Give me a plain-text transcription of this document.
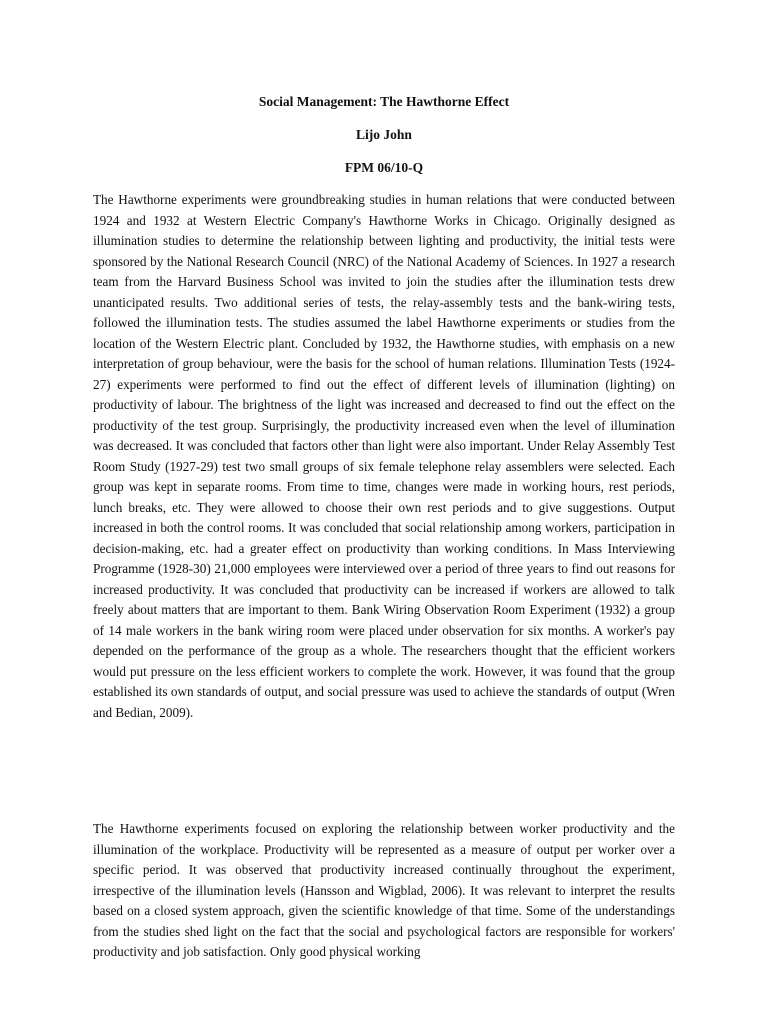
Social Management: The Hawthorne Effect
Lijo John
FPM 06/10-Q

The Hawthorne experiments were groundbreaking studies in human relations that were conducted between 1924 and 1932 at Western Electric Company's Hawthorne Works in Chicago. Originally designed as illumination studies to determine the relationship between lighting and productivity, the initial tests were sponsored by the National Research Council (NRC) of the National Academy of Sciences. In 1927 a research team from the Harvard Business School was invited to join the studies after the illumination tests drew unanticipated results. Two additional series of tests, the relay-assembly tests and the bank-wiring tests, followed the illumination tests. The studies assumed the label Hawthorne experiments or studies from the location of the Western Electric plant. Concluded by 1932, the Hawthorne studies, with emphasis on a new interpretation of group behaviour, were the basis for the school of human relations. Illumination Tests (1924-27) experiments were performed to find out the effect of different levels of illumination (lighting) on productivity of labour. The brightness of the light was increased and decreased to find out the effect on the productivity of the test group. Surprisingly, the productivity increased even when the level of illumination was decreased. It was concluded that factors other than light were also important. Under Relay Assembly Test Room Study (1927-29) test two small groups of six female telephone relay assemblers were selected. Each group was kept in separate rooms. From time to time, changes were made in working hours, rest periods, lunch breaks, etc. They were allowed to choose their own rest periods and to give suggestions. Output increased in both the control rooms. It was concluded that social relationship among workers, participation in decision-making, etc. had a greater effect on productivity than working conditions. In Mass Interviewing Programme (1928-30) 21,000 employees were interviewed over a period of three years to find out reasons for increased productivity. It was concluded that productivity can be increased if workers are allowed to talk freely about matters that are important to them. Bank Wiring Observation Room Experiment (1932) a group of 14 male workers in the bank wiring room were placed under observation for six months. A worker's pay depended on the performance of the group as a whole. The researchers thought that the efficient workers would put pressure on the less efficient workers to complete the work. However, it was found that the group established its own standards of output, and social pressure was used to achieve the standards of output (Wren and Bedian, 2009).

The Hawthorne experiments focused on exploring the relationship between worker productivity and the illumination of the workplace. Productivity will be represented as a measure of output per worker over a specific period. It was observed that productivity increased continually throughout the experiment, irrespective of the illumination levels (Hansson and Wigblad, 2006). It was relevant to interpret the results based on a closed system approach, given the scientific knowledge of that time. Some of the understandings from the studies shed light on the fact that the social and psychological factors are responsible for workers' productivity and job satisfaction. Only good physical working
